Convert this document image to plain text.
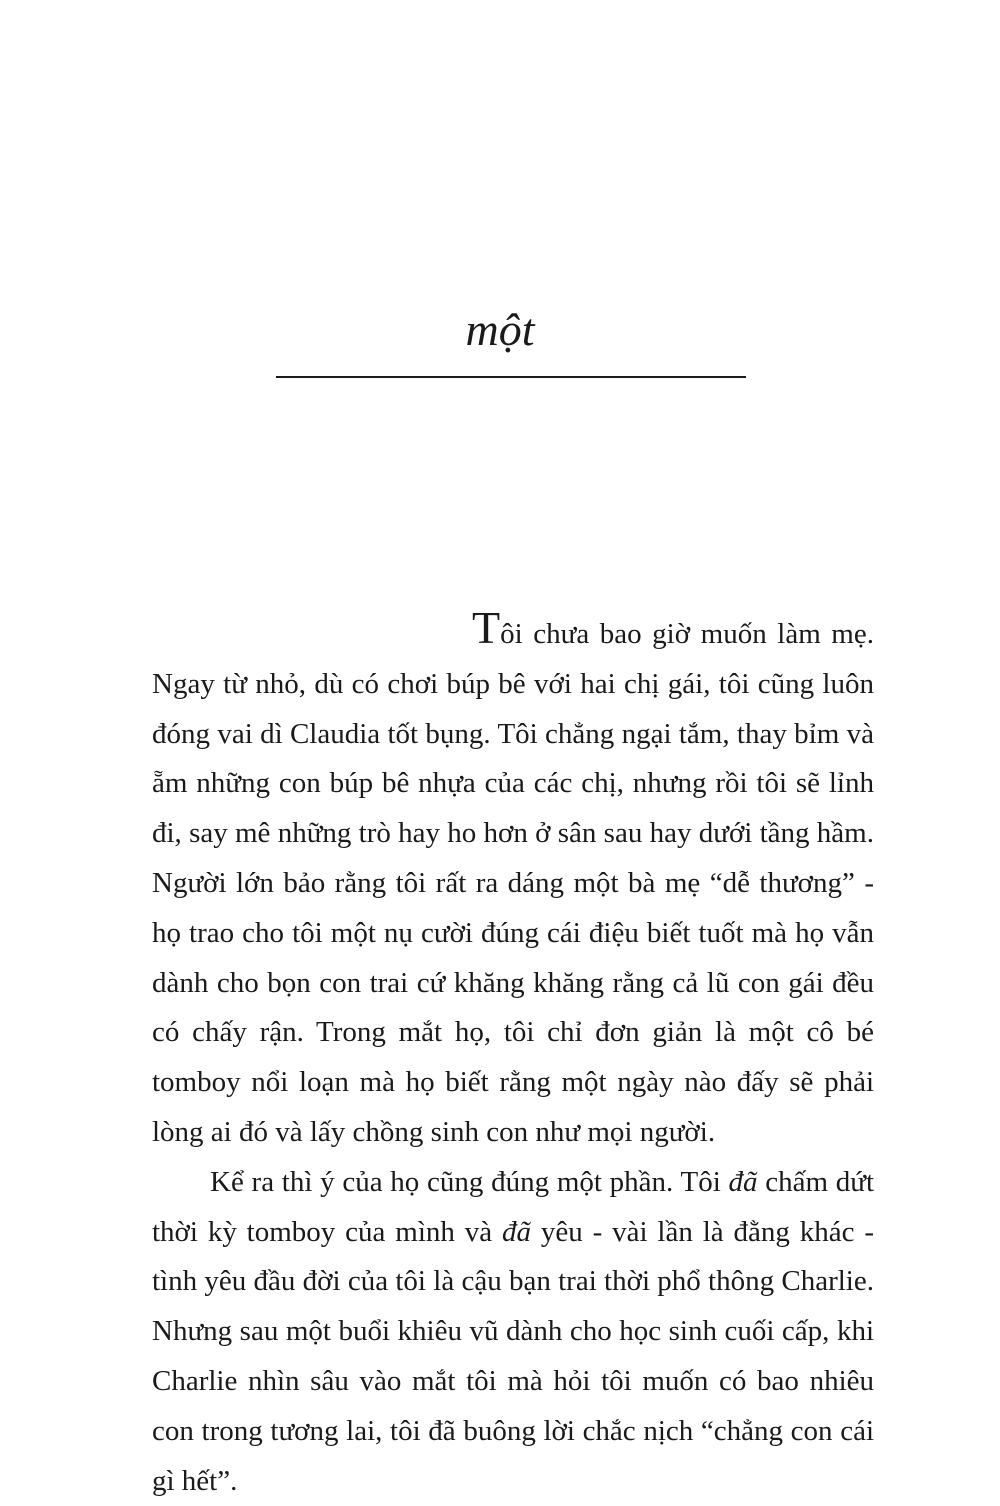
một

Tôi chưa bao giờ muốn làm mẹ. Ngay từ nhỏ, dù có chơi búp bê với hai chị gái, tôi cũng luôn đóng vai dì Claudia tốt bụng. Tôi chẳng ngại tắm, thay bỉm và ẵm những con búp bê nhựa của các chị, nhưng rồi tôi sẽ lỉnh đi, say mê những trò hay ho hơn ở sân sau hay dưới tầng hầm. Người lớn bảo rằng tôi rất ra dáng một bà mẹ “dễ thương” - họ trao cho tôi một nụ cười đúng cái điệu biết tuốt mà họ vẫn dành cho bọn con trai cứ khăng khăng rằng cả lũ con gái đều có chấy rận. Trong mắt họ, tôi chỉ đơn giản là một cô bé tomboy nổi loạn mà họ biết rằng một ngày nào đấy sẽ phải lòng ai đó và lấy chồng sinh con như mọi người.

Kể ra thì ý của họ cũng đúng một phần. Tôi đã chấm dứt thời kỳ tomboy của mình và đã yêu - vài lần là đằng khác - tình yêu đầu đời của tôi là cậu bạn trai thời phổ thông Charlie. Nhưng sau một buổi khiêu vũ dành cho học sinh cuối cấp, khi Charlie nhìn sâu vào mắt tôi mà hỏi tôi muốn có bao nhiêu con trong tương lai, tôi đã buông lời chắc nịch “chẳng con cái gì hết”.
